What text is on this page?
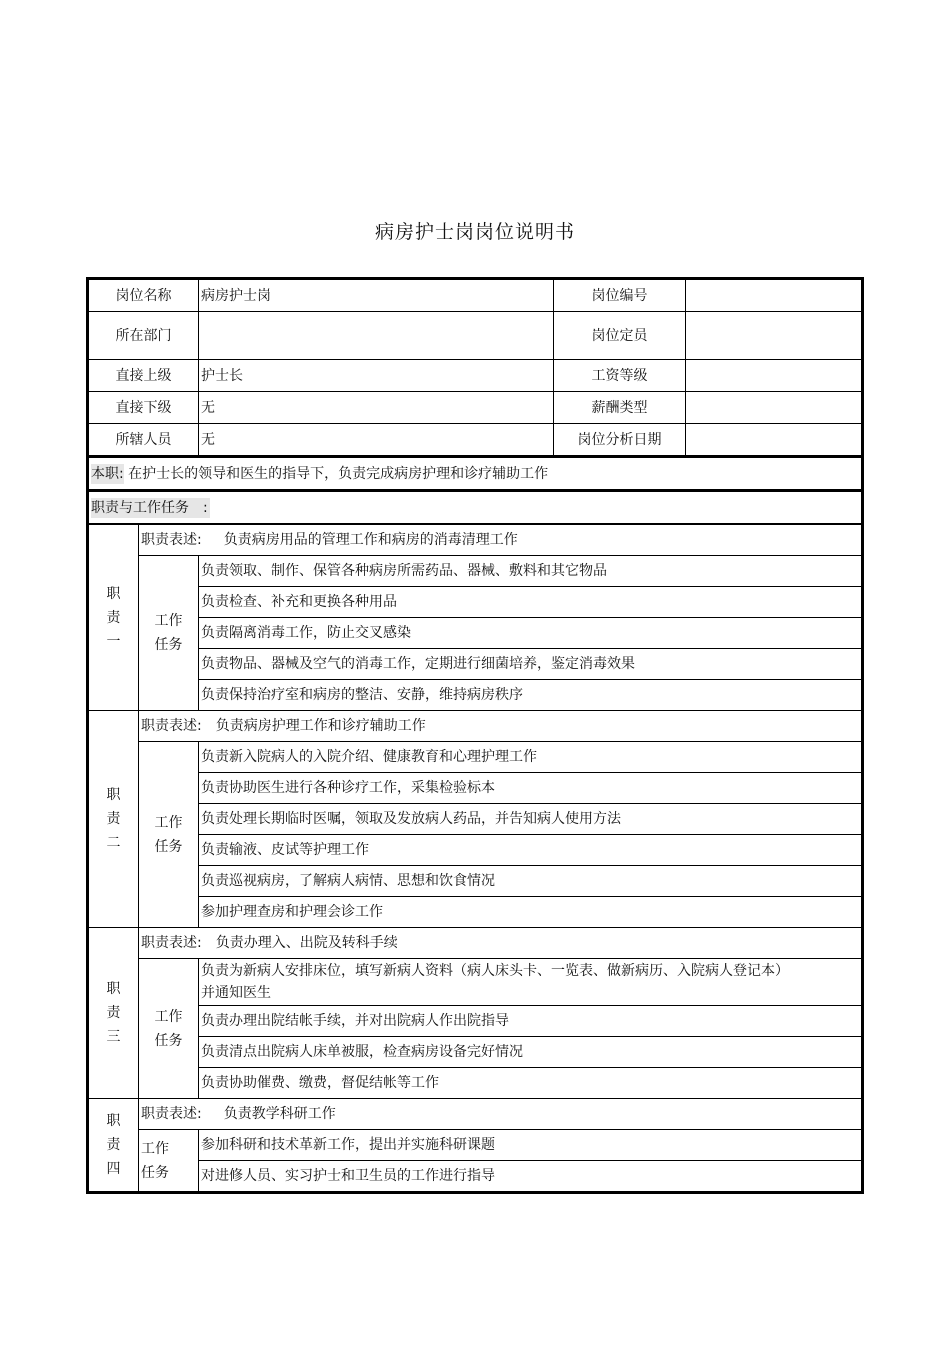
病房护士岗岗位说明书
岗位名称	病房护士岗	岗位编号	
所在部门		岗位定员	
直接上级	护士长	工资等级	
直接下级	无	薪酬类型	
所辖人员	无	岗位分析日期	
本职: 在护士长的领导和医生的指导下，负责完成病房护理和诊疗辅助工作
职责与工作任务　:
职
责
一	职责表述: 负责病房用品的管理工作和病房的消毒清理工作	
	工作
任务	负责领取、制作、保管各种病房所需药品、器械、敷料和其它物品
		负责检查、补充和更换各种用品
		负责隔离消毒工作，防止交叉感染
		负责物品、器械及空气的消毒工作，定期进行细菌培养，鉴定消毒效果
		负责保持治疗室和病房的整洁、安静，维持病房秩序
职
责
二	职责表述: 负责病房护理工作和诊疗辅助工作	
	工作
任务	负责新入院病人的入院介绍、健康教育和心理护理工作
		负责协助医生进行各种诊疗工作，采集检验标本
		负责处理长期临时医嘱，领取及发放病人药品，并告知病人使用方法
		负责输液、皮试等护理工作
		负责巡视病房，了解病人病情、思想和饮食情况
		参加护理查房和护理会诊工作
职
责
三	职责表述: 负责办理入、出院及转科手续	
	工作
任务	负责为新病人安排床位，填写新病人资料（病人床头卡、一览表、做新病历、入院病人登记本）并通知医生
		负责办理出院结帐手续，并对出院病人作出院指导
		负责清点出院病人床单被服，检查病房设备完好情况
		负责协助催费、缴费，督促结帐等工作
职
责
四	职责表述: 负责教学科研工作	
	工作
任务	参加科研和技术革新工作，提出并实施科研课题
		对进修人员、实习护士和卫生员的工作进行指导
